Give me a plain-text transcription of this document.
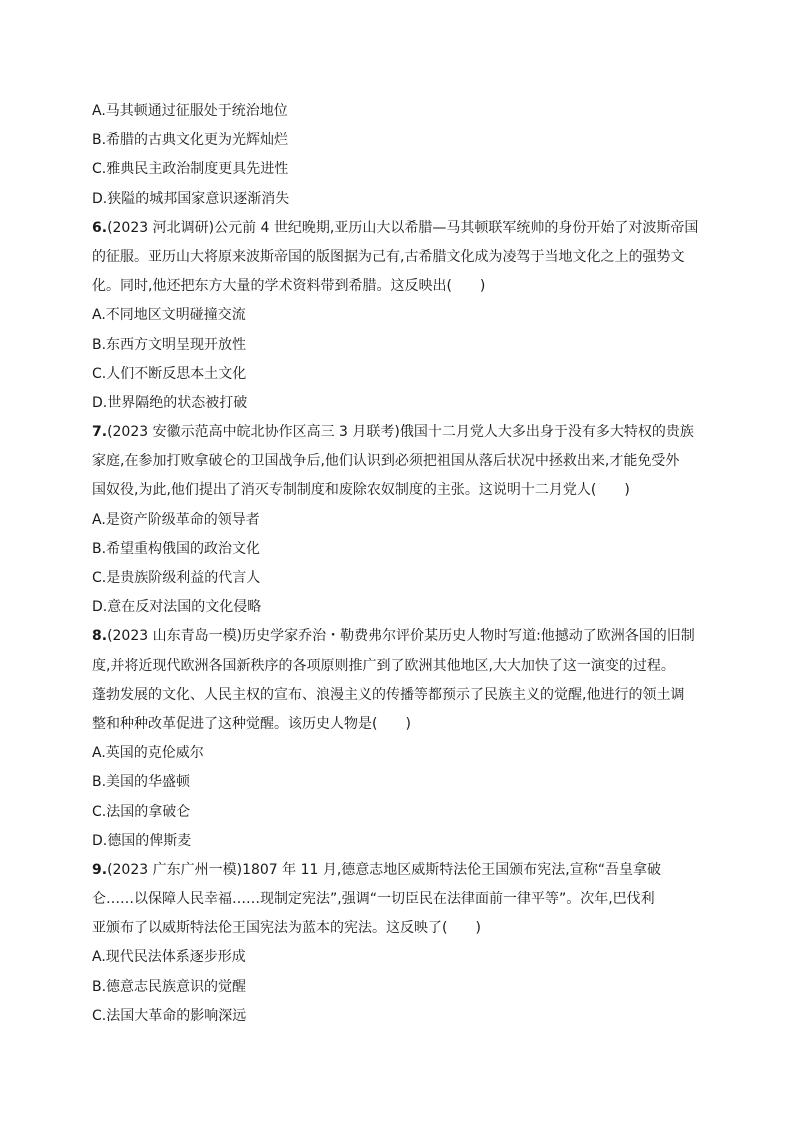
A.马其顿通过征服处于统治地位
B.希腊的古典文化更为光辉灿烂
C.雅典民主政治制度更具先进性
D.狭隘的城邦国家意识逐渐消失
6.(2023 河北调研)公元前 4 世纪晚期,亚历山大以希腊—马其顿联军统帅的身份开始了对波斯帝国
的征服。亚历山大将原来波斯帝国的版图据为己有,古希腊文化成为凌驾于当地文化之上的强势文
化。同时,他还把东方大量的学术资料带到希腊。这反映出(　　)
A.不同地区文明碰撞交流
B.东西方文明呈现开放性
C.人们不断反思本土文化
D.世界隔绝的状态被打破
7.(2023 安徽示范高中皖北协作区高三 3 月联考)俄国十二月党人大多出身于没有多大特权的贵族
家庭,在参加打败拿破仑的卫国战争后,他们认识到必须把祖国从落后状况中拯救出来,才能免受外
国奴役,为此,他们提出了消灭专制制度和废除农奴制度的主张。这说明十二月党人(　　)
A.是资产阶级革命的领导者
B.希望重构俄国的政治文化
C.是贵族阶级利益的代言人
D.意在反对法国的文化侵略
8.(2023 山东青岛一模)历史学家乔治・勒费弗尔评价某历史人物时写道:他撼动了欧洲各国的旧制
度,并将近现代欧洲各国新秩序的各项原则推广到了欧洲其他地区,大大加快了这一演变的过程。
蓬勃发展的文化、人民主权的宣布、浪漫主义的传播等都预示了民族主义的觉醒,他进行的领土调
整和种种改革促进了这种觉醒。该历史人物是(　　)
A.英国的克伦威尔
B.美国的华盛顿
C.法国的拿破仑
D.德国的俾斯麦
9.(2023 广东广州一模)1807 年 11 月,德意志地区威斯特法伦王国颁布宪法,宣称“吾皇拿破
仑……以保障人民幸福……现制定宪法”,强调“一切臣民在法律面前一律平等”。次年,巴伐利
亚颁布了以威斯特法伦王国宪法为蓝本的宪法。这反映了(　　)
A.现代民法体系逐步形成
B.德意志民族意识的觉醒
C.法国大革命的影响深远
